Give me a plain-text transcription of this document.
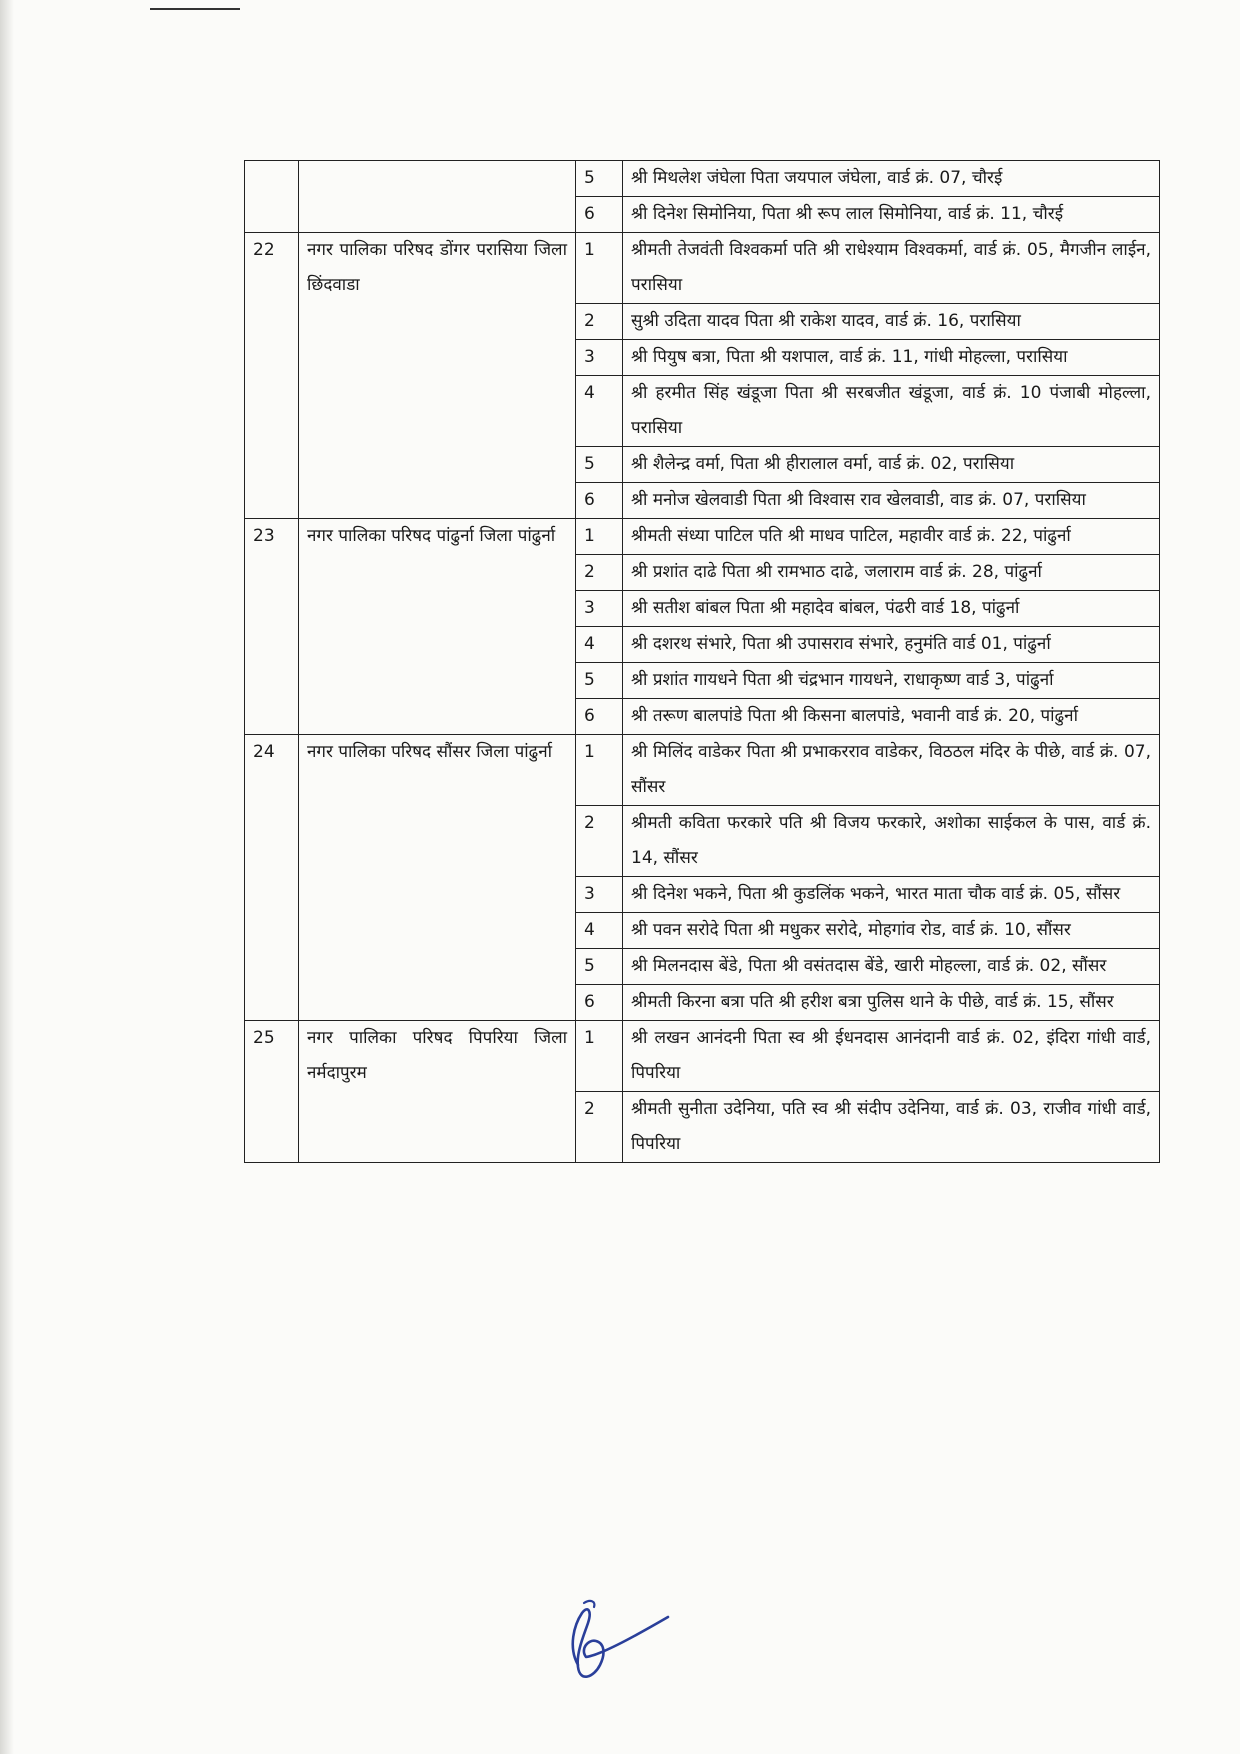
		5	श्री मिथलेश जंघेला पिता जयपाल जंघेला, वार्ड क्रं. 07, चौरई
		6	श्री दिनेश सिमोनिया, पिता श्री रूप लाल सिमोनिया, वार्ड क्रं. 11, चौरई
22	नगर पालिका परिषद डोंगर परासिया जिला छिंदवाडा	1	श्रीमती तेजवंती विश्वकर्मा पति श्री राधेश्याम विश्वकर्मा, वार्ड क्रं. 05, मैगजीन लाईन, परासिया
		2	सुश्री उदिता यादव पिता श्री राकेश यादव, वार्ड क्रं. 16, परासिया
		3	श्री पियुष बत्रा, पिता श्री यशपाल, वार्ड क्रं. 11, गांधी मोहल्ला, परासिया
		4	श्री हरमीत सिंह खंडूजा पिता श्री सरबजीत खंडूजा, वार्ड क्रं. 10 पंजाबी मोहल्ला, परासिया
		5	श्री शैलेन्द्र वर्मा, पिता श्री हीरालाल वर्मा, वार्ड क्रं. 02, परासिया
		6	श्री मनोज खेलवाडी पिता श्री विश्वास राव खेलवाडी, वाड क्रं. 07, परासिया
23	नगर पालिका परिषद पांढुर्ना जिला पांढुर्ना	1	श्रीमती संध्या पाटिल पति श्री माधव पाटिल, महावीर वार्ड क्रं. 22, पांढुर्ना
		2	श्री प्रशांत दाढे पिता श्री रामभाठ दाढे, जलाराम वार्ड क्रं. 28, पांढुर्ना
		3	श्री सतीश बांबल पिता श्री महादेव बांबल, पंढरी वार्ड 18, पांढुर्ना
		4	श्री दशरथ संभारे, पिता श्री उपासराव संभारे, हनुमंति वार्ड 01, पांढुर्ना
		5	श्री प्रशांत गायधने पिता श्री चंद्रभान गायधने, राधाकृष्ण वार्ड 3, पांढुर्ना
		6	श्री तरूण बालपांडे पिता श्री किसना बालपांडे, भवानी वार्ड क्रं. 20, पांढुर्ना
24	नगर पालिका परिषद सौंसर जिला पांढुर्ना	1	श्री मिलिंद वाडेकर पिता श्री प्रभाकरराव वाडेकर, विठठल मंदिर के पीछे, वार्ड क्रं. 07, सौंसर
		2	श्रीमती कविता फरकारे पति श्री विजय फरकारे, अशोका साईकल के पास, वार्ड क्रं. 14, सौंसर
		3	श्री दिनेश भकने, पिता श्री कुडलिंक भकने, भारत माता चौक वार्ड क्रं. 05, सौंसर
		4	श्री पवन सरोदे पिता श्री मधुकर सरोदे, मोहगांव रोड, वार्ड क्रं. 10, सौंसर
		5	श्री मिलनदास बेंडे, पिता श्री वसंतदास बेंडे, खारी मोहल्ला, वार्ड क्रं. 02, सौंसर
		6	श्रीमती किरना बत्रा पति श्री हरीश बत्रा पुलिस थाने के पीछे, वार्ड क्रं. 15, सौंसर
25	नगर पालिका परिषद पिपरिया जिला नर्मदापुरम	1	श्री लखन आनंदनी पिता स्व श्री ईधनदास आनंदानी वार्ड क्रं. 02, इंदिरा गांधी वार्ड, पिपरिया
		2	श्रीमती सुनीता उदेनिया, पति स्व श्री संदीप उदेनिया, वार्ड क्रं. 03, राजीव गांधी वार्ड, पिपरिया
